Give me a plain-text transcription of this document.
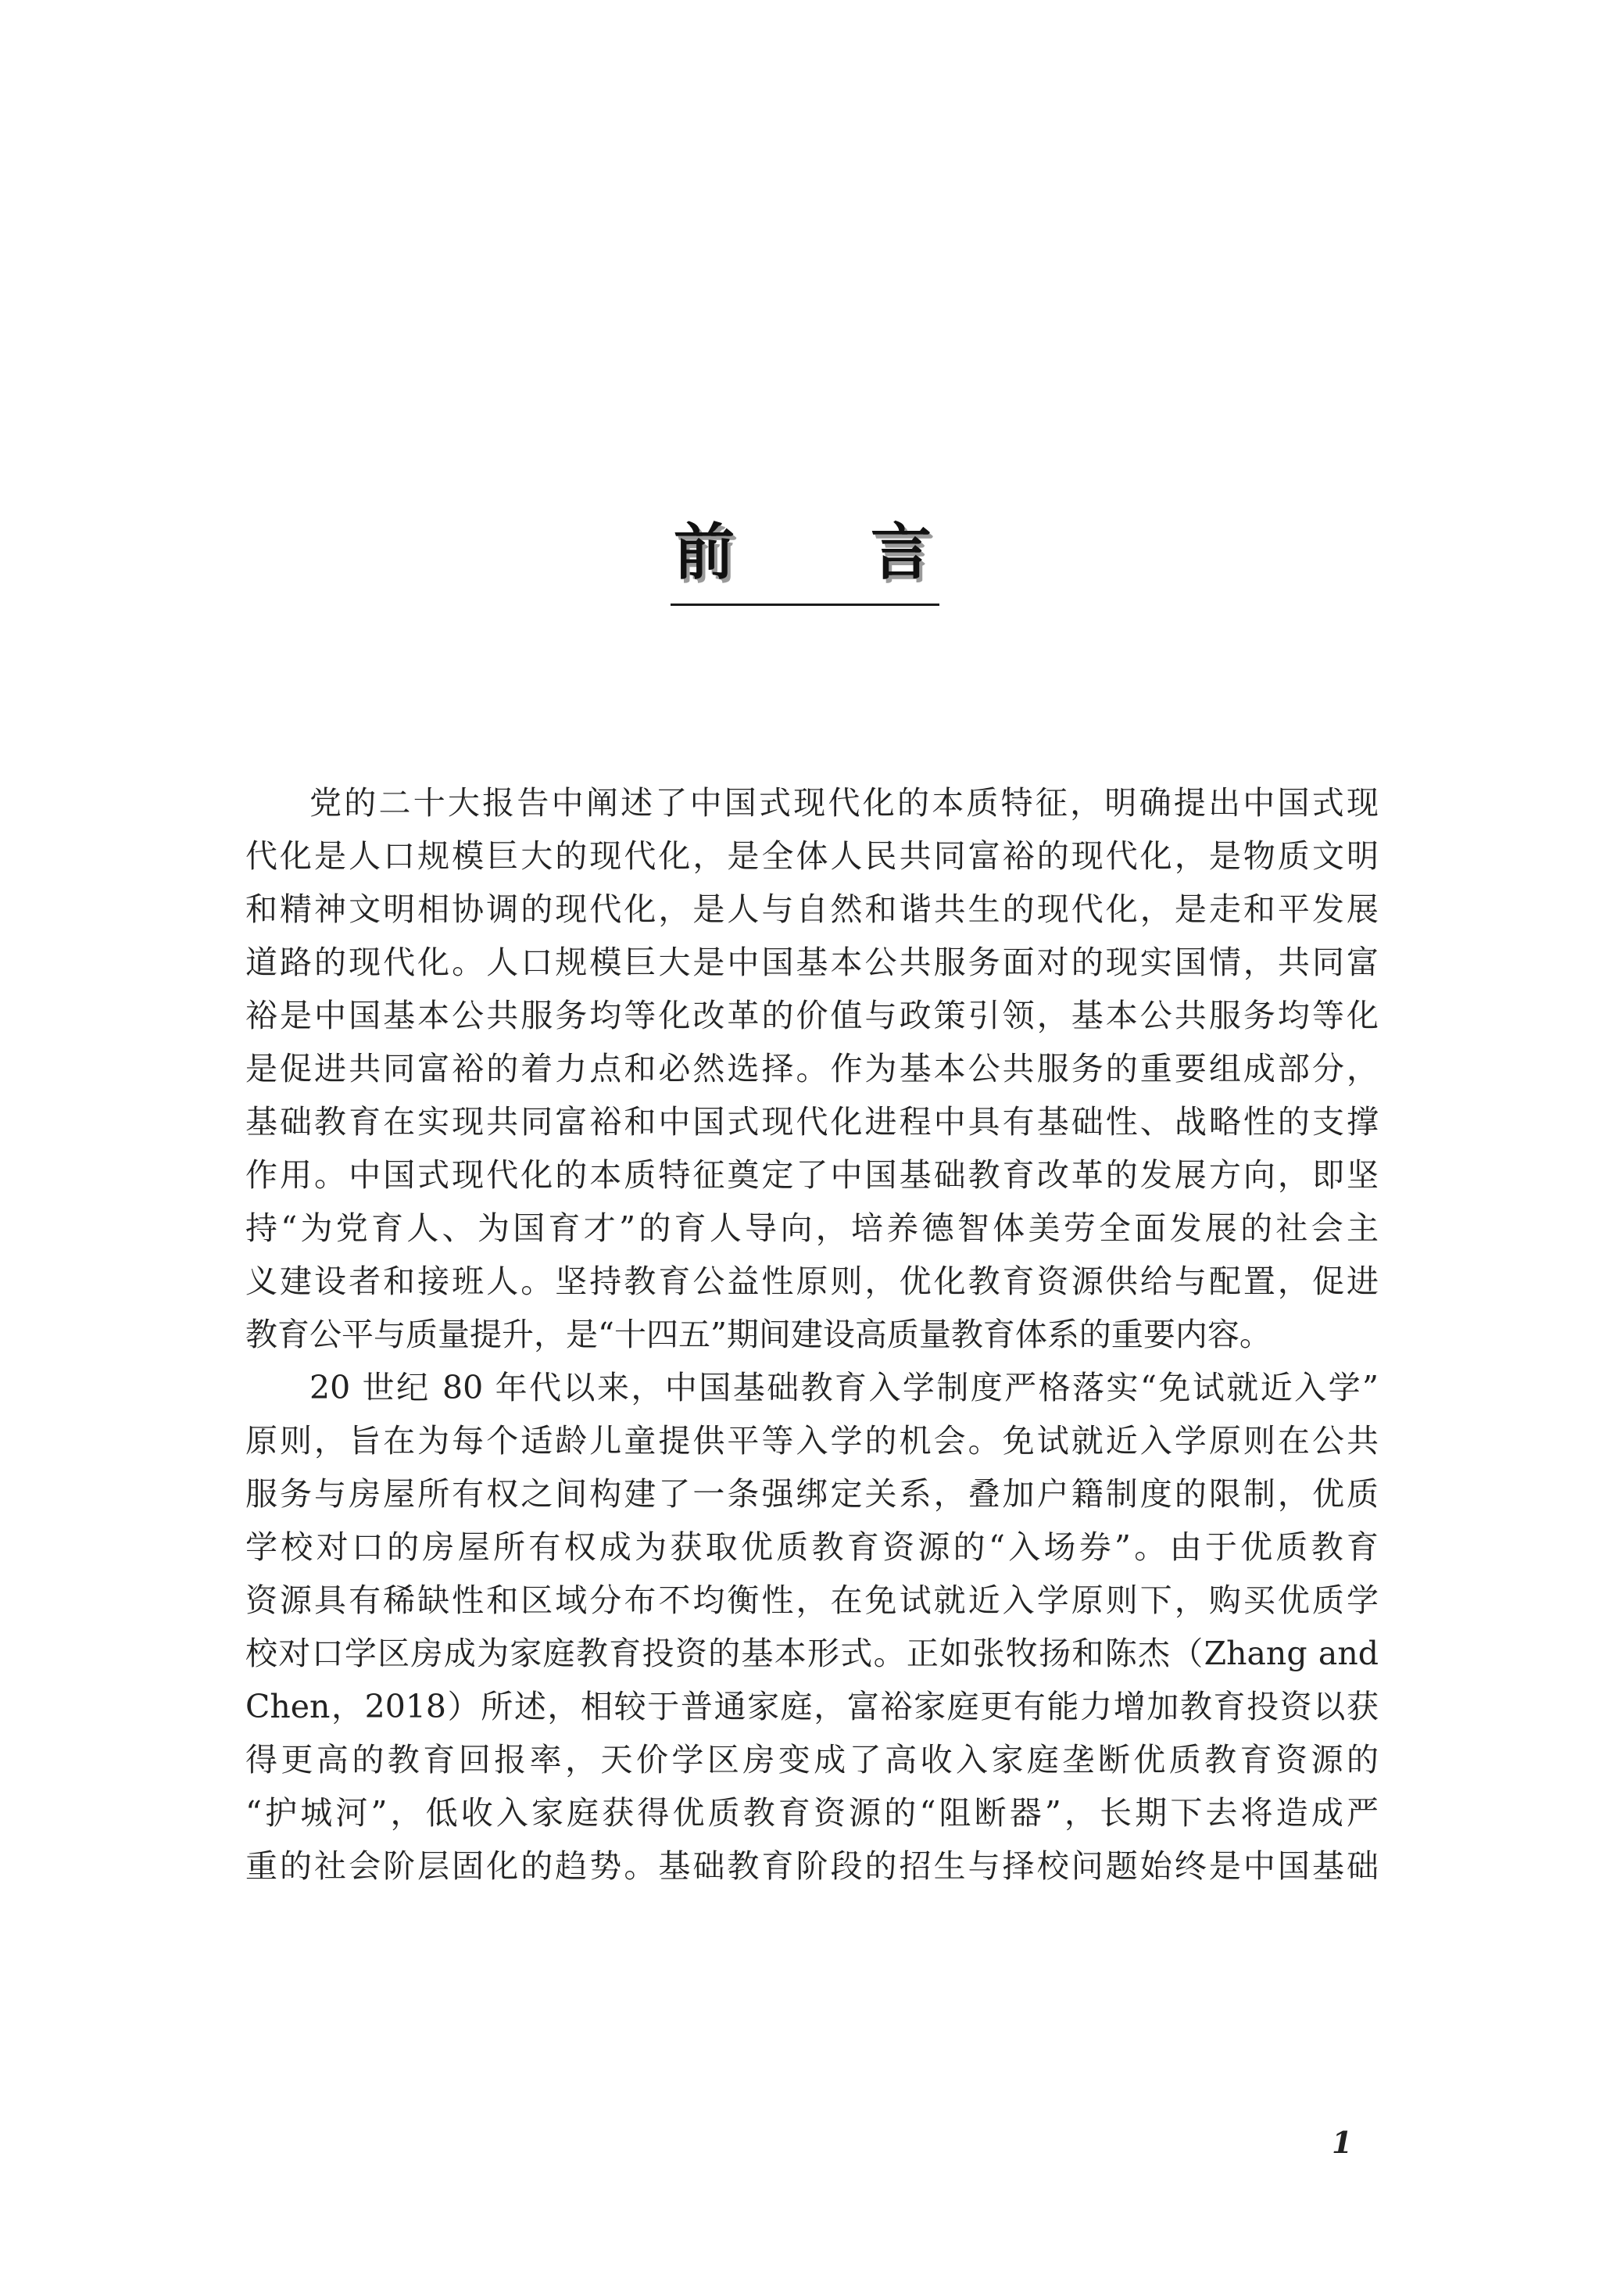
前 言
党的二十大报告中阐述了中国式现代化的本质特征，明确提出中国式现
代化是人口规模巨大的现代化，是全体人民共同富裕的现代化，是物质文明
和精神文明相协调的现代化，是人与自然和谐共生的现代化，是走和平发展
道路的现代化。人口规模巨大是中国基本公共服务面对的现实国情，共同富
裕是中国基本公共服务均等化改革的价值与政策引领，基本公共服务均等化
是促进共同富裕的着力点和必然选择。作为基本公共服务的重要组成部分，
基础教育在实现共同富裕和中国式现代化进程中具有基础性、战略性的支撑
作用。中国式现代化的本质特征奠定了中国基础教育改革的发展方向，即坚
持“为党育人、为国育才”的育人导向，培养德智体美劳全面发展的社会主
义建设者和接班人。坚持教育公益性原则，优化教育资源供给与配置，促进
教育公平与质量提升，是“十四五”期间建设高质量教育体系的重要内容。
20 世纪 80 年代以来，中国基础教育入学制度严格落实“免试就近入学”
原则，旨在为每个适龄儿童提供平等入学的机会。免试就近入学原则在公共
服务与房屋所有权之间构建了一条强绑定关系，叠加户籍制度的限制，优质
学校对口的房屋所有权成为获取优质教育资源的“入场券”。由于优质教育
资源具有稀缺性和区域分布不均衡性，在免试就近入学原则下，购买优质学
校对口学区房成为家庭教育投资的基本形式。正如张牧扬和陈杰（Zhang and
Chen，2018）所述，相较于普通家庭，富裕家庭更有能力增加教育投资以获
得更高的教育回报率，天价学区房变成了高收入家庭垄断优质教育资源的
“护城河”，低收入家庭获得优质教育资源的“阻断器”，长期下去将造成严
重的社会阶层固化的趋势。基础教育阶段的招生与择校问题始终是中国基础
1
